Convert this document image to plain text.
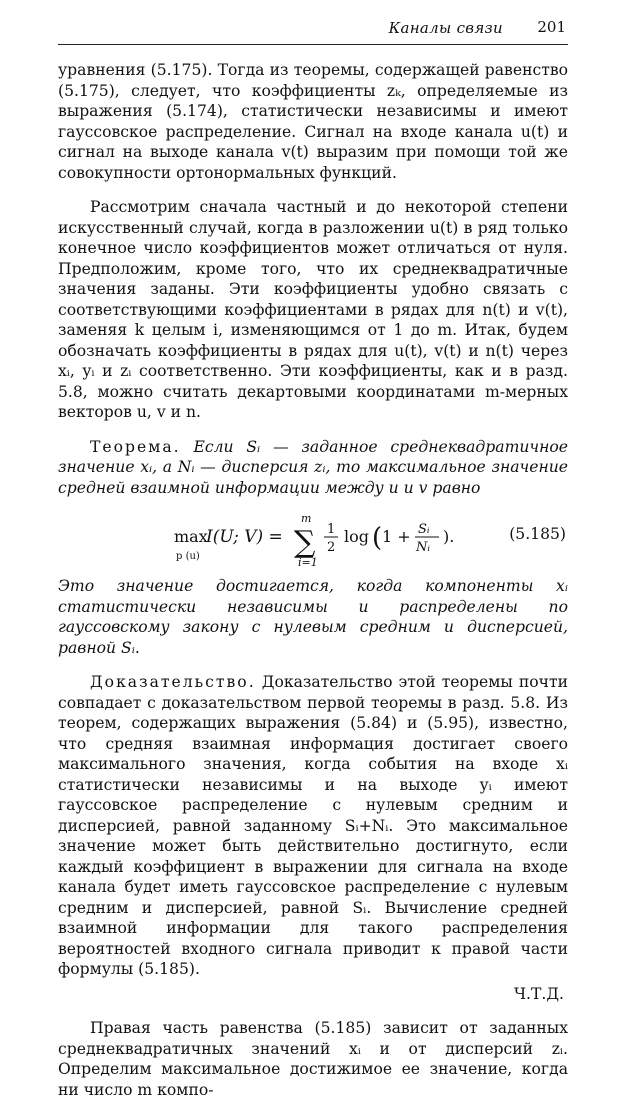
Каналы связи 201

уравнения (5.175). Тогда из теоремы, содержащей равенство (5.175), следует, что коэффициенты zₖ, определяемые из выражения (5.174), статистически независимы и имеют гауссовское распределение. Сигнал на входе канала u(t) и сигнал на выходе канала v(t) выразим при помощи той же совокупности ортонормальных функций.

Рассмотрим сначала частный и до некоторой степени искусственный случай, когда в разложении u(t) в ряд только конечное число коэффициентов может отличаться от нуля. Предположим, кроме того, что их среднеквадратичные значения заданы. Эти коэффициенты удобно связать с соответствующими коэффициентами в рядах для n(t) и v(t), заменяя k целым i, изменяющимся от 1 до m. Итак, будем обозначать коэффициенты в рядах для u(t), v(t) и n(t) через xᵢ, yᵢ и zᵢ соответственно. Эти коэффициенты, как и в разд. 5.8, можно считать декартовыми координатами m-мерных векторов u, v и n.

Теорема. Если Sᵢ — заданное среднеквадратичное значение xᵢ, а Nᵢ — дисперсия zᵢ, то максимальное значение средней взаимной информации между u и v равно

max
p (u)
I(U; V) =
m
∑
i=1
1
2
log ( 1 + Sᵢ
Nᵢ
).	(5.185)

Это значение достигается, когда компоненты xᵢ статистически независимы и распределены по гауссовскому закону с нулевым средним и дисперсией, равной Sᵢ.

Доказательство. Доказательство этой теоремы почти совпадает с доказательством первой теоремы в разд. 5.8. Из теорем, содержащих выражения (5.84) и (5.95), известно, что средняя взаимная информация достигает своего максимального значения, когда события на входе xᵢ статистически независимы и на выходе yᵢ имеют гауссовское распределение с нулевым средним и дисперсией, равной заданному Sᵢ+Nᵢ. Это максимальное значение может быть действительно достигнуто, если каждый коэффициент в выражении для сигнала на входе канала будет иметь гауссовское распределение с нулевым средним и дисперсией, равной Sᵢ. Вычисление средней взаимной информации для такого распределения вероятностей входного сигнала приводит к правой части формулы (5.185).

Ч.Т.Д.

Правая часть равенства (5.185) зависит от заданных среднеквадратичных значений xᵢ и от дисперсий zᵢ. Определим максимальное достижимое ее значение, когда ни число m компо-
